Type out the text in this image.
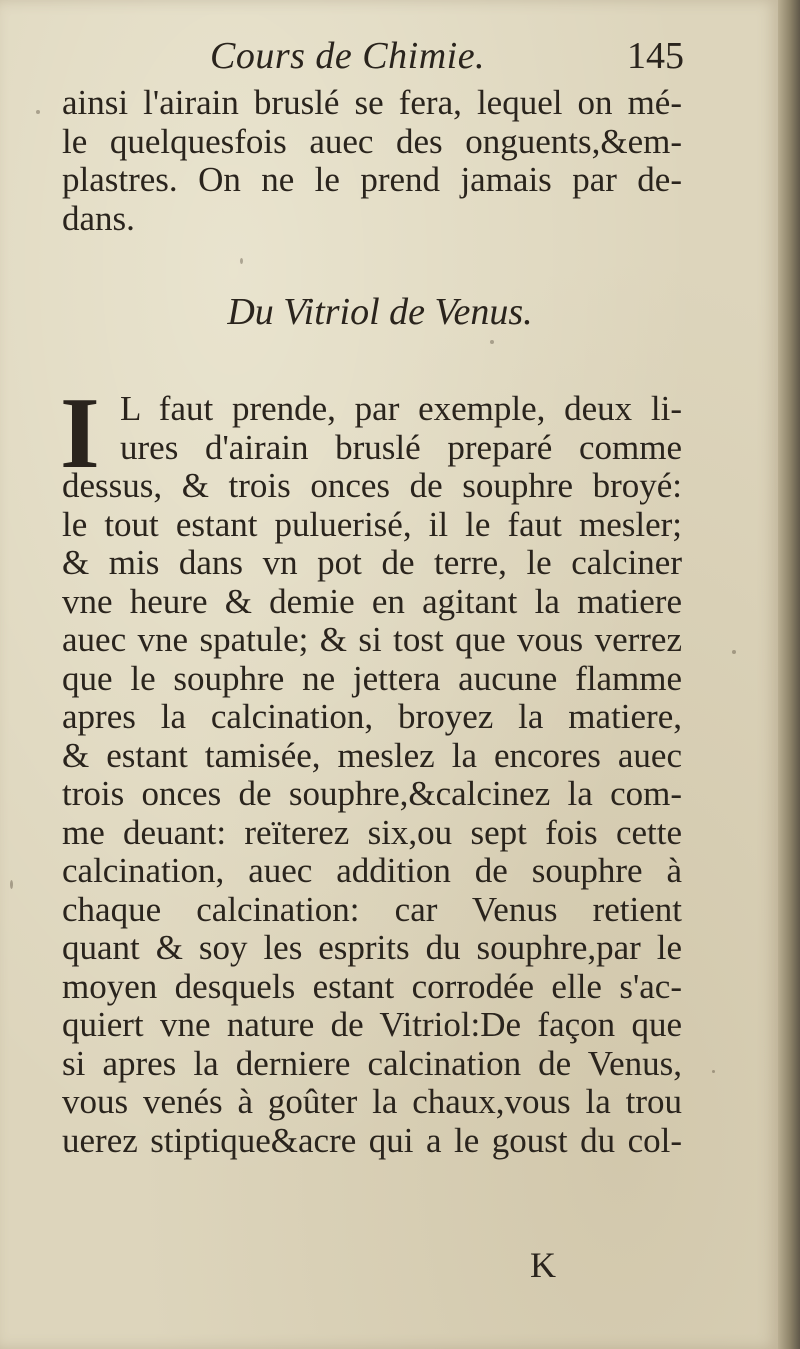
Cours de Chimie.	145
ainsi l'airain bruslé se fera, lequel on mé-
le quelquesfois auec des onguents,&em-
plastres. On ne le prend jamais par de-
dans.
Du Vitriol de Venus.
I L faut prende, par exemple, deux li-
ures d'airain bruslé preparé comme
dessus, & trois onces de souphre broyé:
le tout estant puluerisé, il le faut mesler;
& mis dans vn pot de terre, le calciner
vne heure & demie en agitant la matiere
auec vne spatule; & si tost que vous verrez
que le souphre ne jettera aucune flamme
apres la calcination, broyez la matiere,
& estant tamisée, meslez la encores auec
trois onces de souphre,&calcinez la com-
me deuant: reïterez six,ou sept fois cette
calcination, auec addition de souphre à
chaque calcination: car Venus retient
quant & soy les esprits du souphre,par le
moyen desquels estant corrodée elle s'ac-
quiert vne nature de Vitriol:De façon que
si apres la derniere calcination de Venus,
vous venés à goûter la chaux,vous la trou
uerez stiptique&acre qui a le goust du col-
K
